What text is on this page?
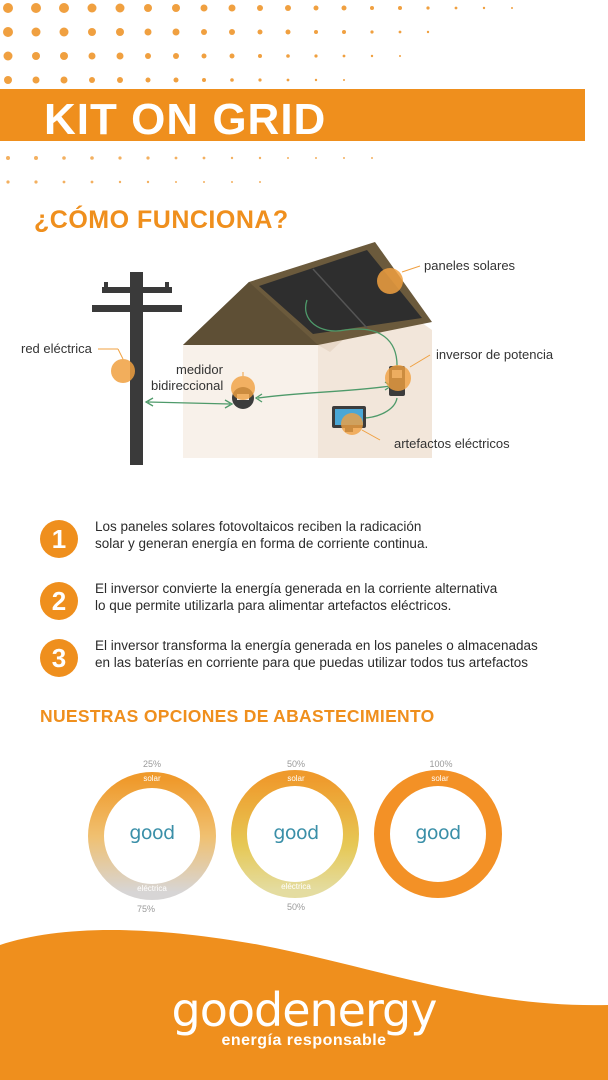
KIT ON GRID
¿CÓMO FUNCIONA?
paneles solares
red eléctrica
medidor
bidireccional
inversor de potencia
artefactos eléctricos
1	Los paneles solares fotovoltaicos reciben la radicación
solar y generan energía en forma de corriente continua.
2	El inversor convierte la energía generada en la corriente alternativa
lo que permite utilizarla para alimentar artefactos eléctricos.
3	El inversor transforma la energía generada en los paneles o almacenadas
en las baterías en corriente para que puedas utilizar todos tus artefactos
NUESTRAS OPCIONES DE ABASTECIMIENTO
25%
solar
good
eléctrica
75%
50%
solar
good
eléctrica
50%
100%
solar
good
goodenergy
energía responsable
